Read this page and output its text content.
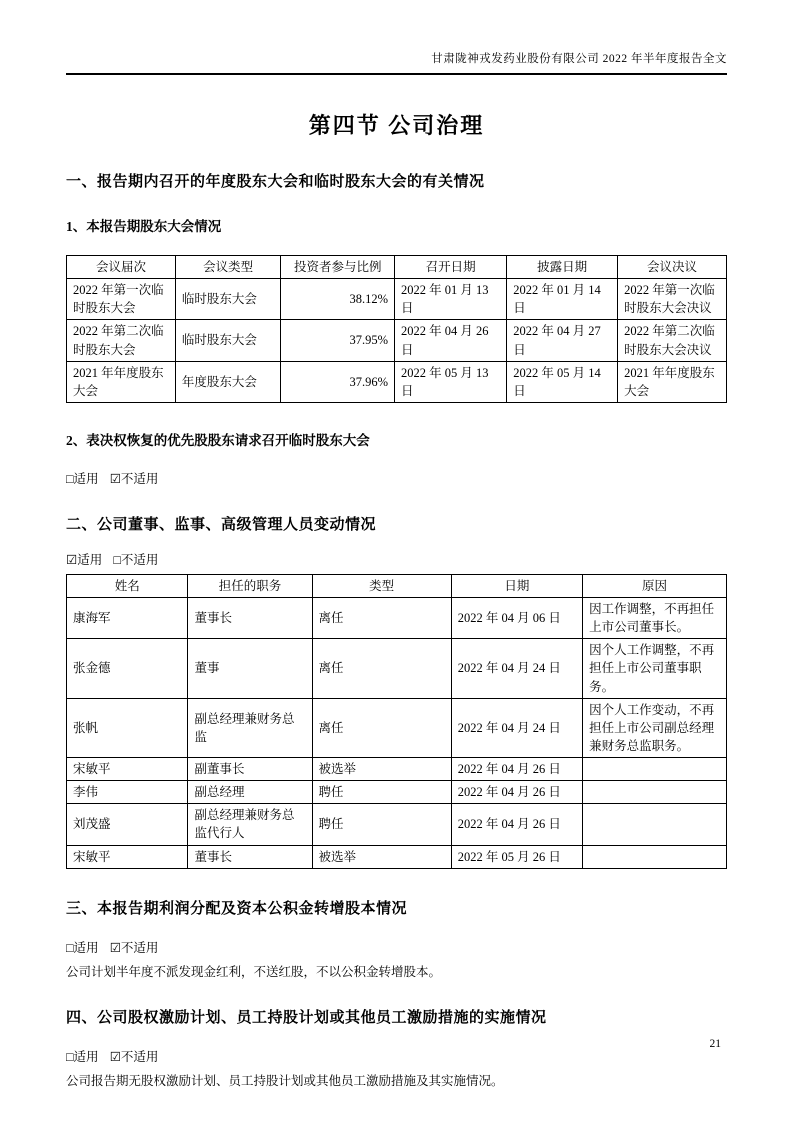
甘肃陇神戎发药业股份有限公司 2022 年半年度报告全文
第四节 公司治理
一、报告期内召开的年度股东大会和临时股东大会的有关情况
1、本报告期股东大会情况
会议届次	会议类型	投资者参与比例	召开日期	披露日期	会议决议
2022 年第一次临时股东大会	临时股东大会	38.12%	2022 年 01 月 13 日	2022 年 01 月 14 日	2022 年第一次临时股东大会决议
2022 年第二次临时股东大会	临时股东大会	37.95%	2022 年 04 月 26 日	2022 年 04 月 27 日	2022 年第二次临时股东大会决议
2021 年年度股东大会	年度股东大会	37.96%	2022 年 05 月 13 日	2022 年 05 月 14 日	2021 年年度股东大会
2、表决权恢复的优先股股东请求召开临时股东大会
□适用 ☑不适用
二、公司董事、监事、高级管理人员变动情况
☑适用 □不适用
姓名	担任的职务	类型	日期	原因
康海军	董事长	离任	2022 年 04 月 06 日	因工作调整，不再担任上市公司董事长。
张金德	董事	离任	2022 年 04 月 24 日	因个人工作调整，不再担任上市公司董事职务。
张帆	副总经理兼财务总监	离任	2022 年 04 月 24 日	因个人工作变动，不再担任上市公司副总经理兼财务总监职务。
宋敏平	副董事长	被选举	2022 年 04 月 26 日	
李伟	副总经理	聘任	2022 年 04 月 26 日	
刘茂盛	副总经理兼财务总监代行人	聘任	2022 年 04 月 26 日	
宋敏平	董事长	被选举	2022 年 05 月 26 日	
三、本报告期利润分配及资本公积金转增股本情况
□适用 ☑不适用
公司计划半年度不派发现金红利，不送红股，不以公积金转增股本。
四、公司股权激励计划、员工持股计划或其他员工激励措施的实施情况
□适用 ☑不适用
公司报告期无股权激励计划、员工持股计划或其他员工激励措施及其实施情况。
21
